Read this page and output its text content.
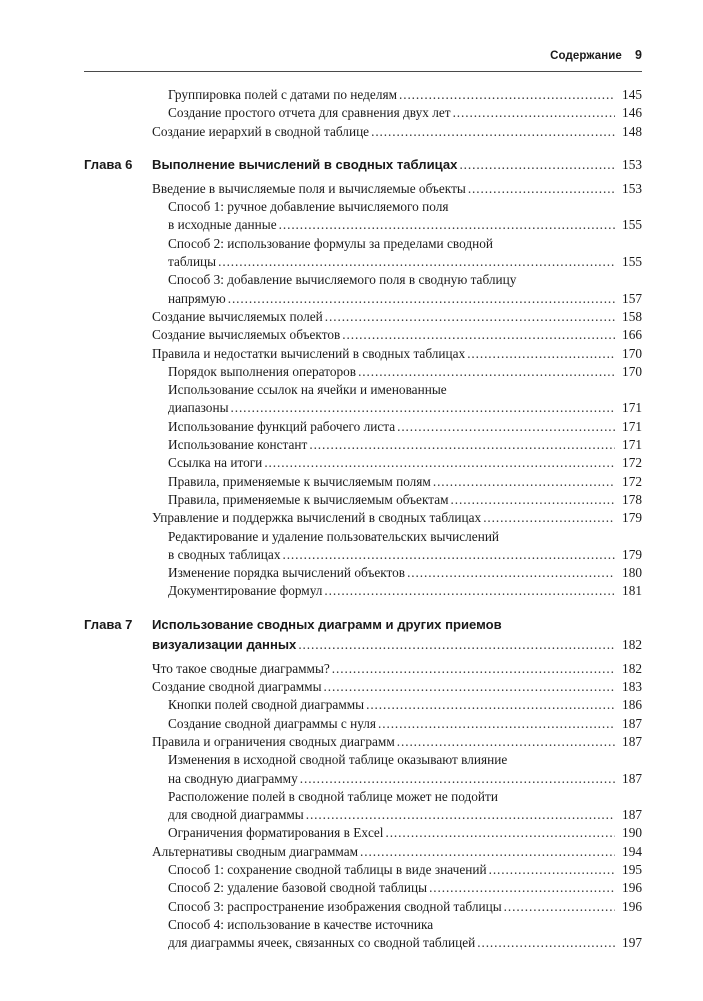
Содержание 9
Группировка полей с датами по неделям .....	145
Создание простого отчета для сравнения двух лет .....	146
Создание иерархий в сводной таблице .....	148
Глава 6	Выполнение вычислений в сводных таблицах .....	153
Введение в вычисляемые поля и вычисляемые объекты .....	153
Способ 1: ручное добавление вычисляемого поля
в исходные данные .....	155
Способ 2: использование формулы за пределами сводной
таблицы .....	155
Способ 3: добавление вычисляемого поля в сводную таблицу
напрямую .....	157
Создание вычисляемых полей .....	158
Создание вычисляемых объектов .....	166
Правила и недостатки вычислений в сводных таблицах .....	170
Порядок выполнения операторов .....	170
Использование ссылок на ячейки и именованные
диапазоны .....	171
Использование функций рабочего листа .....	171
Использование констант .....	171
Ссылка на итоги .....	172
Правила, применяемые к вычисляемым полям .....	172
Правила, применяемые к вычисляемым объектам .....	178
Управление и поддержка вычислений в сводных таблицах .....	179
Редактирование и удаление пользовательских вычислений
в сводных таблицах .....	179
Изменение порядка вычислений объектов .....	180
Документирование формул .....	181
Глава 7	Использование сводных диаграмм и других приемов
визуализации данных .....	182
Что такое сводные диаграммы? .....	182
Создание сводной диаграммы .....	183
Кнопки полей сводной диаграммы .....	186
Создание сводной диаграммы с нуля .....	187
Правила и ограничения сводных диаграмм .....	187
Изменения в исходной сводной таблице оказывают влияние
на сводную диаграмму .....	187
Расположение полей в сводной таблице может не подойти
для сводной диаграммы .....	187
Ограничения форматирования в Excel .....	190
Альтернативы сводным диаграммам .....	194
Способ 1: сохранение сводной таблицы в виде значений .....	195
Способ 2: удаление базовой сводной таблицы .....	196
Способ 3: распространение изображения сводной таблицы .....	196
Способ 4: использование в качестве источника
для диаграммы ячеек, связанных со сводной таблицей .....	197
